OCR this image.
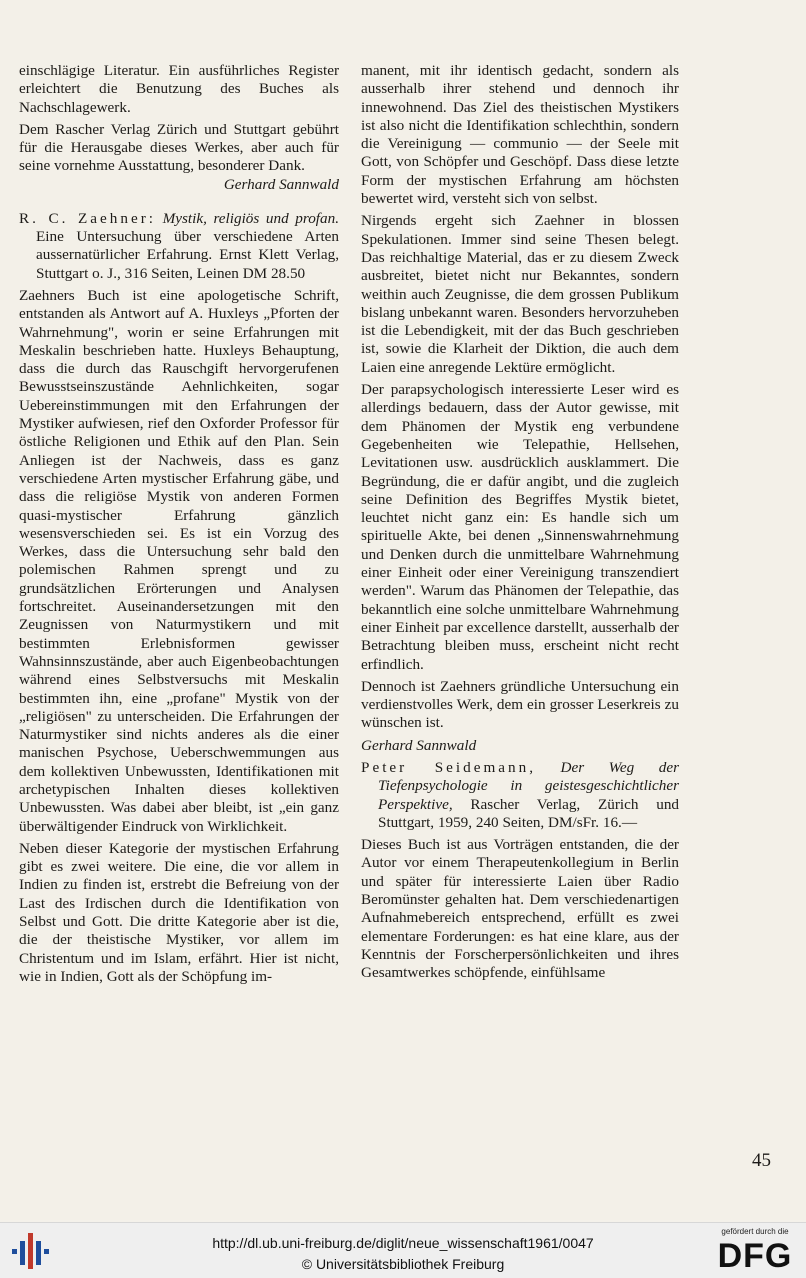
einschlägige Literatur. Ein ausführliches Register erleichtert die Benutzung des Buches als Nachschlagewerk.

Dem Rascher Verlag Zürich und Stuttgart gebührt für die Herausgabe dieses Werkes, aber auch für seine vornehme Ausstattung, besonderer Dank.
Gerhard Sannwald

R. C. Zaehner: Mystik, religiös und profan. Eine Untersuchung über verschiedene Arten aussernatürlicher Erfahrung. Ernst Klett Verlag, Stuttgart o. J., 316 Seiten, Leinen DM 28.50

Zaehners Buch ist eine apologetische Schrift, entstanden als Antwort auf A. Huxleys „Pforten der Wahrnehmung", worin er seine Erfahrungen mit Meskalin beschrieben hatte. Huxleys Behauptung, dass die durch das Rauschgift hervorgerufenen Bewusstseinszustände Aehnlichkeiten, sogar Uebereinstimmungen mit den Erfahrungen der Mystiker aufwiesen, rief den Oxforder Professor für östliche Religionen und Ethik auf den Plan. Sein Anliegen ist der Nachweis, dass es ganz verschiedene Arten mystischer Erfahrung gäbe, und dass die religiöse Mystik von anderen Formen quasi-mystischer Erfahrung gänzlich wesensverschieden sei. Es ist ein Vorzug des Werkes, dass die Untersuchung sehr bald den polemischen Rahmen sprengt und zu grundsätzlichen Erörterungen und Analysen fortschreitet. Auseinandersetzungen mit den Zeugnissen von Naturmystikern und mit bestimmten Erlebnisformen gewisser Wahnsinnszustände, aber auch Eigenbeobachtungen während eines Selbstversuchs mit Meskalin bestimmten ihn, eine „profane" Mystik von der „religiösen" zu unterscheiden. Die Erfahrungen der Naturmystiker sind nichts anderes als die einer manischen Psychose, Ueberschwemmungen aus dem kollektiven Unbewussten, Identifikationen mit archetypischen Inhalten dieses kollektiven Unbewussten. Was dabei aber bleibt, ist „ein ganz überwältigender Eindruck von Wirklichkeit.

Neben dieser Kategorie der mystischen Erfahrung gibt es zwei weitere. Die eine, die vor allem in Indien zu finden ist, erstrebt die Befreiung von der Last des Irdischen durch die Identifikation von Selbst und Gott. Die dritte Kategorie aber ist die, die der theistische Mystiker, vor allem im Christentum und im Islam, erfährt. Hier ist nicht, wie in Indien, Gott als der Schöpfung im-

manent, mit ihr identisch gedacht, sondern als ausserhalb ihrer stehend und dennoch ihr innewohnend. Das Ziel des theistischen Mystikers ist also nicht die Identifikation schlechthin, sondern die Vereinigung — communio — der Seele mit Gott, von Schöpfer und Geschöpf. Dass diese letzte Form der mystischen Erfahrung am höchsten bewertet wird, versteht sich von selbst.

Nirgends ergeht sich Zaehner in blossen Spekulationen. Immer sind seine Thesen belegt. Das reichhaltige Material, das er zu diesem Zweck ausbreitet, bietet nicht nur Bekanntes, sondern weithin auch Zeugnisse, die dem grossen Publikum bislang unbekannt waren. Besonders hervorzuheben ist die Lebendigkeit, mit der das Buch geschrieben ist, sowie die Klarheit der Diktion, die auch dem Laien eine anregende Lektüre ermöglicht.

Der parapsychologisch interessierte Leser wird es allerdings bedauern, dass der Autor gewisse, mit dem Phänomen der Mystik eng verbundene Gegebenheiten wie Telepathie, Hellsehen, Levitationen usw. ausdrücklich ausklammert. Die Begründung, die er dafür angibt, und die zugleich seine Definition des Begriffes Mystik bietet, leuchtet nicht ganz ein: Es handle sich um spirituelle Akte, bei denen „Sinnenswahrnehmung und Denken durch die unmittelbare Wahrnehmung einer Einheit oder einer Vereinigung transzendiert werden". Warum das Phänomen der Telepathie, das bekanntlich eine solche unmittelbare Wahrnehmung einer Einheit par excellence darstellt, ausserhalb der Betrachtung bleiben muss, erscheint nicht recht erfindlich.

Dennoch ist Zaehners gründliche Untersuchung ein verdienstvolles Werk, dem ein grosser Leserkreis zu wünschen ist.

Gerhard Sannwald

Peter Seidemann, Der Weg der Tiefenpsychologie in geistesgeschichtlicher Perspektive, Rascher Verlag, Zürich und Stuttgart, 1959, 240 Seiten, DM/sFr. 16.—

Dieses Buch ist aus Vorträgen entstanden, die der Autor vor einem Therapeutenkollegium in Berlin und später für interessierte Laien über Radio Beromünster gehalten hat. Dem verschiedenartigen Aufnahmebereich entsprechend, erfüllt es zwei elementare Forderungen: es hat eine klare, aus der Kenntnis der Forscherpersönlichkeiten und ihres Gesamtwerkes schöpfende, einfühlsame

45
http://dl.ub.uni-freiburg.de/diglit/neue_wissenschaft1961/0047
© Universitätsbibliothek Freiburg
gefördert durch die
DFG
